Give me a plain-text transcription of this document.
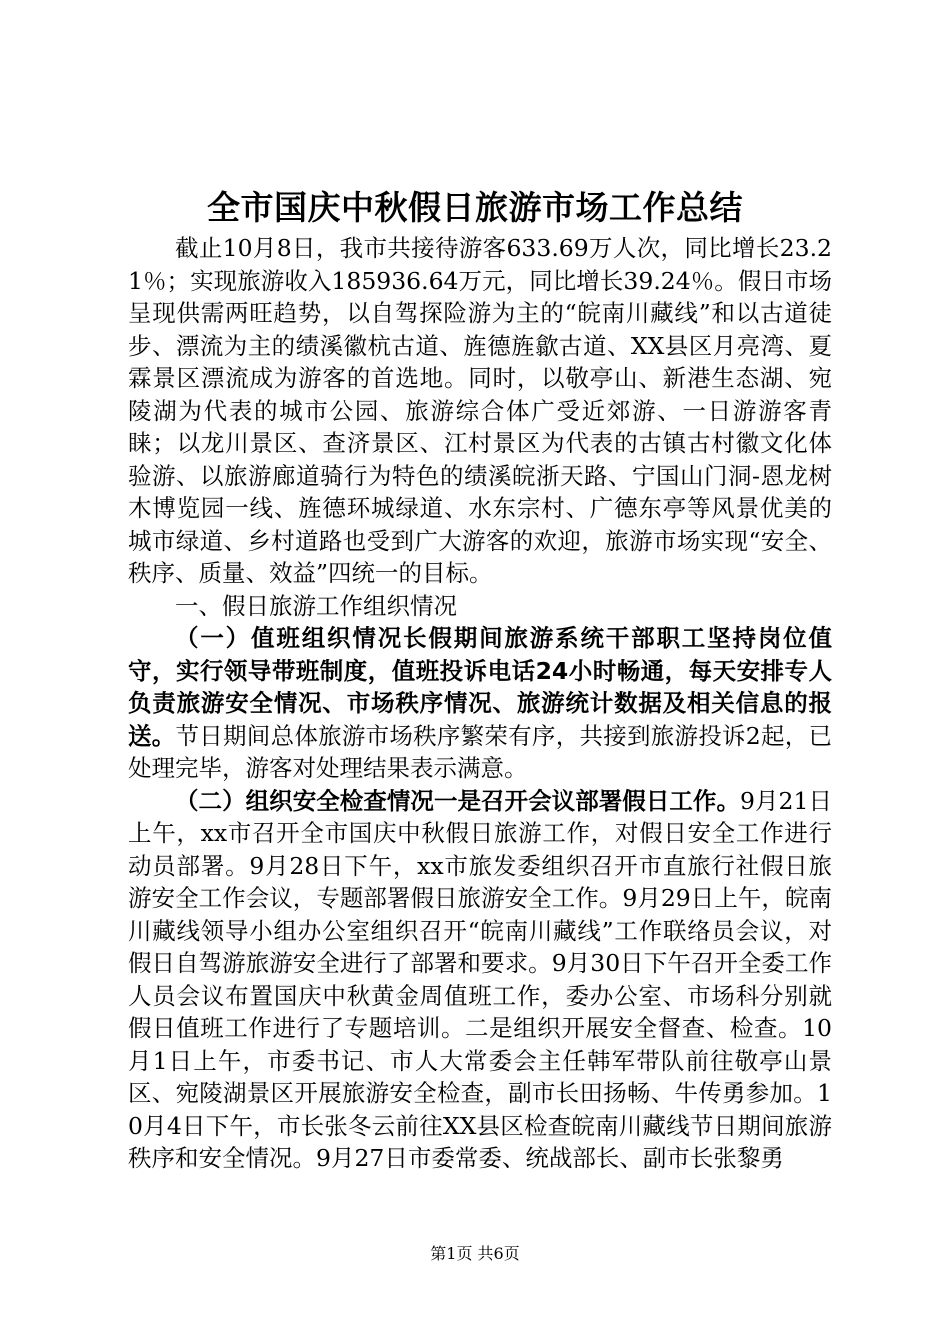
全市国庆中秋假日旅游市场工作总结

截止10月8日，我市共接待游客633.69万人次，同比增长23.21％；实现旅游收入185936.64万元，同比增长39.24％。假日市场呈现供需两旺趋势，以自驾探险游为主的“皖南川藏线”和以古道徒步、漂流为主的绩溪徽杭古道、旌德旌歙古道、XX县区月亮湾、夏霖景区漂流成为游客的首选地。同时，以敬亭山、新港生态湖、宛陵湖为代表的城市公园、旅游综合体广受近郊游、一日游游客青睐；以龙川景区、查济景区、江村景区为代表的古镇古村徽文化体验游、以旅游廊道骑行为特色的绩溪皖浙天路、宁国山门洞-恩龙树木博览园一线、旌德环城绿道、水东宗村、广德东亭等风景优美的城市绿道、乡村道路也受到广大游客的欢迎，旅游市场实现“安全、秩序、质量、效益”四统一的目标。

一、假日旅游工作组织情况

（一）值班组织情况长假期间旅游系统干部职工坚持岗位值守，实行领导带班制度，值班投诉电话24小时畅通，每天安排专人负责旅游安全情况、市场秩序情况、旅游统计数据及相关信息的报送。节日期间总体旅游市场秩序繁荣有序，共接到旅游投诉2起，已处理完毕，游客对处理结果表示满意。

（二）组织安全检查情况一是召开会议部署假日工作。9月21日上午，xx市召开全市国庆中秋假日旅游工作，对假日安全工作进行动员部署。9月28日下午，xx市旅发委组织召开市直旅行社假日旅游安全工作会议，专题部署假日旅游安全工作。9月29日上午，皖南川藏线领导小组办公室组织召开“皖南川藏线”工作联络员会议，对假日自驾游旅游安全进行了部署和要求。9月30日下午召开全委工作人员会议布置国庆中秋黄金周值班工作，委办公室、市场科分别就假日值班工作进行了专题培训。二是组织开展安全督查、检查。10月1日上午，市委书记、市人大常委会主任韩军带队前往敬亭山景区、宛陵湖景区开展旅游安全检查，副市长田扬畅、牛传勇参加。10月4日下午，市长张冬云前往XX县区检查皖南川藏线节日期间旅游秩序和安全情况。9月27日市委常委、统战部长、副市长张黎勇

第1页 共6页
